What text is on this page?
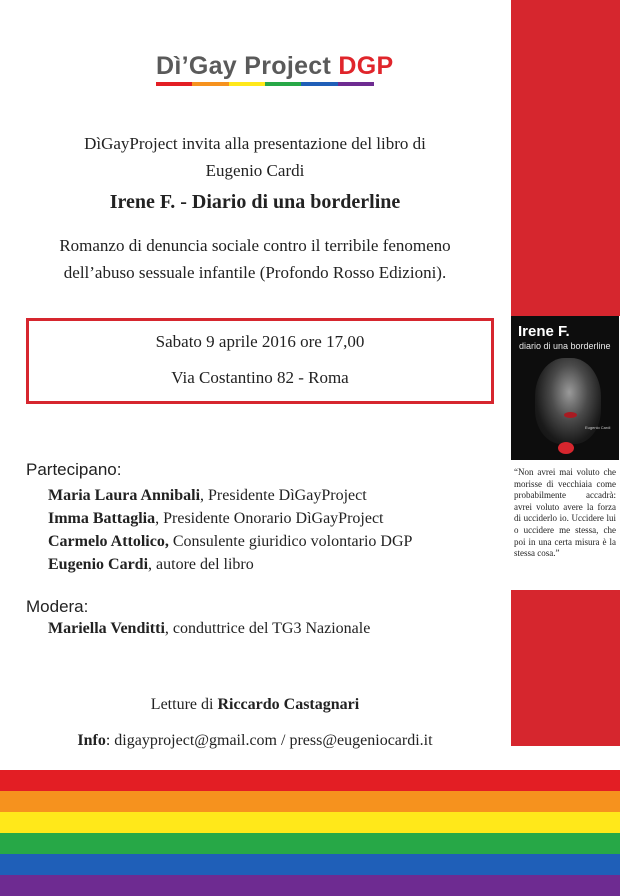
Dì’Gay Project DGP
DìGayProject invita alla presentazione del libro di
Eugenio Cardi
Irene F. - Diario di una borderline
Romanzo di denuncia sociale contro il terribile fenomeno
dell’abuso sessuale infantile (Profondo Rosso Edizioni).
Sabato 9 aprile 2016 ore 17,00
Via Costantino 82 - Roma
Partecipano:
Maria Laura Annibali, Presidente DìGayProject
Imma Battaglia, Presidente Onorario DìGayProject
Carmelo Attolico, Consulente giuridico volontario DGP
Eugenio Cardi, autore del libro
Modera:
Mariella Venditti, conduttrice del TG3 Nazionale
Letture di Riccardo Castagnari
Info: digayproject@gmail.com / press@eugeniocardi.it
Irene F.
diario di una borderline
Eugenio Cardi
“Non avrei mai voluto che morisse di vecchiaia come probabilmente accadrà: avrei voluto avere la forza di ucciderlo io. Uccidere lui o uccidere me stessa, che poi in una certa misura è la stessa cosa.”
